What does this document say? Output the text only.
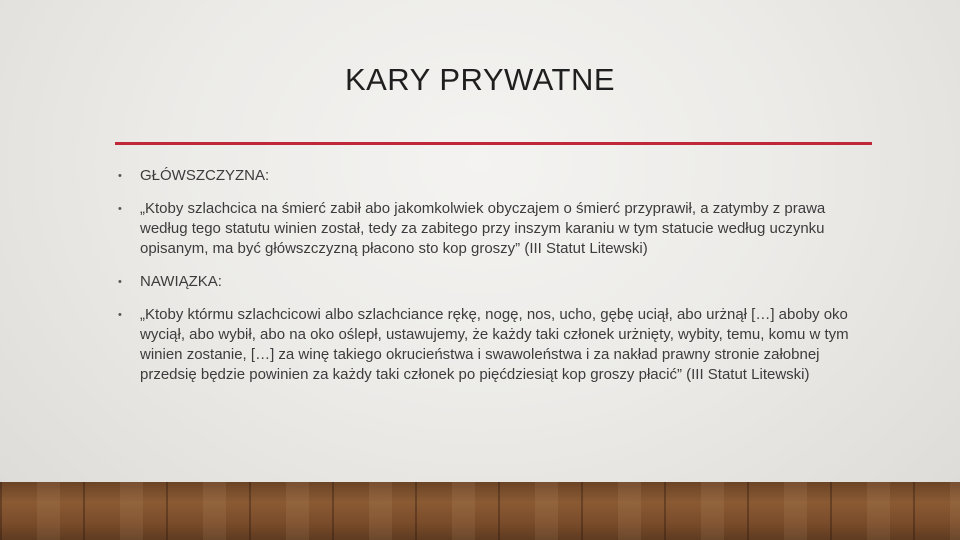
KARY PRYWATNE
• GŁÓWSZCZYZNA:
• „Ktoby szlachcica na śmierć zabił abo jakomkolwiek obyczajem o śmierć przyprawił, a zatymby z prawa według tego statutu winien został, tedy za zabitego przy inszym karaniu w tym statucie według uczynku opisanym, ma być główszczyzną płacono sto kop groszy” (III Statut Litewski)
• NAWIĄZKA:
• „Ktoby którmu szlachcicowi albo szlachciance rękę, nogę, nos, ucho, gębę uciął, abo urżnął […] aboby oko wyciął, abo wybił, abo na oko oślepł, ustawujemy, że każdy taki członek urżnięty, wybity, temu, komu w tym winien zostanie, […] za winę takiego okrucieństwa i swawoleństwa i za nakład prawny stronie załobnej przedsię będzie powinien za każdy taki członek po pięćdziesiąt kop groszy płacić” (III Statut Litewski)
